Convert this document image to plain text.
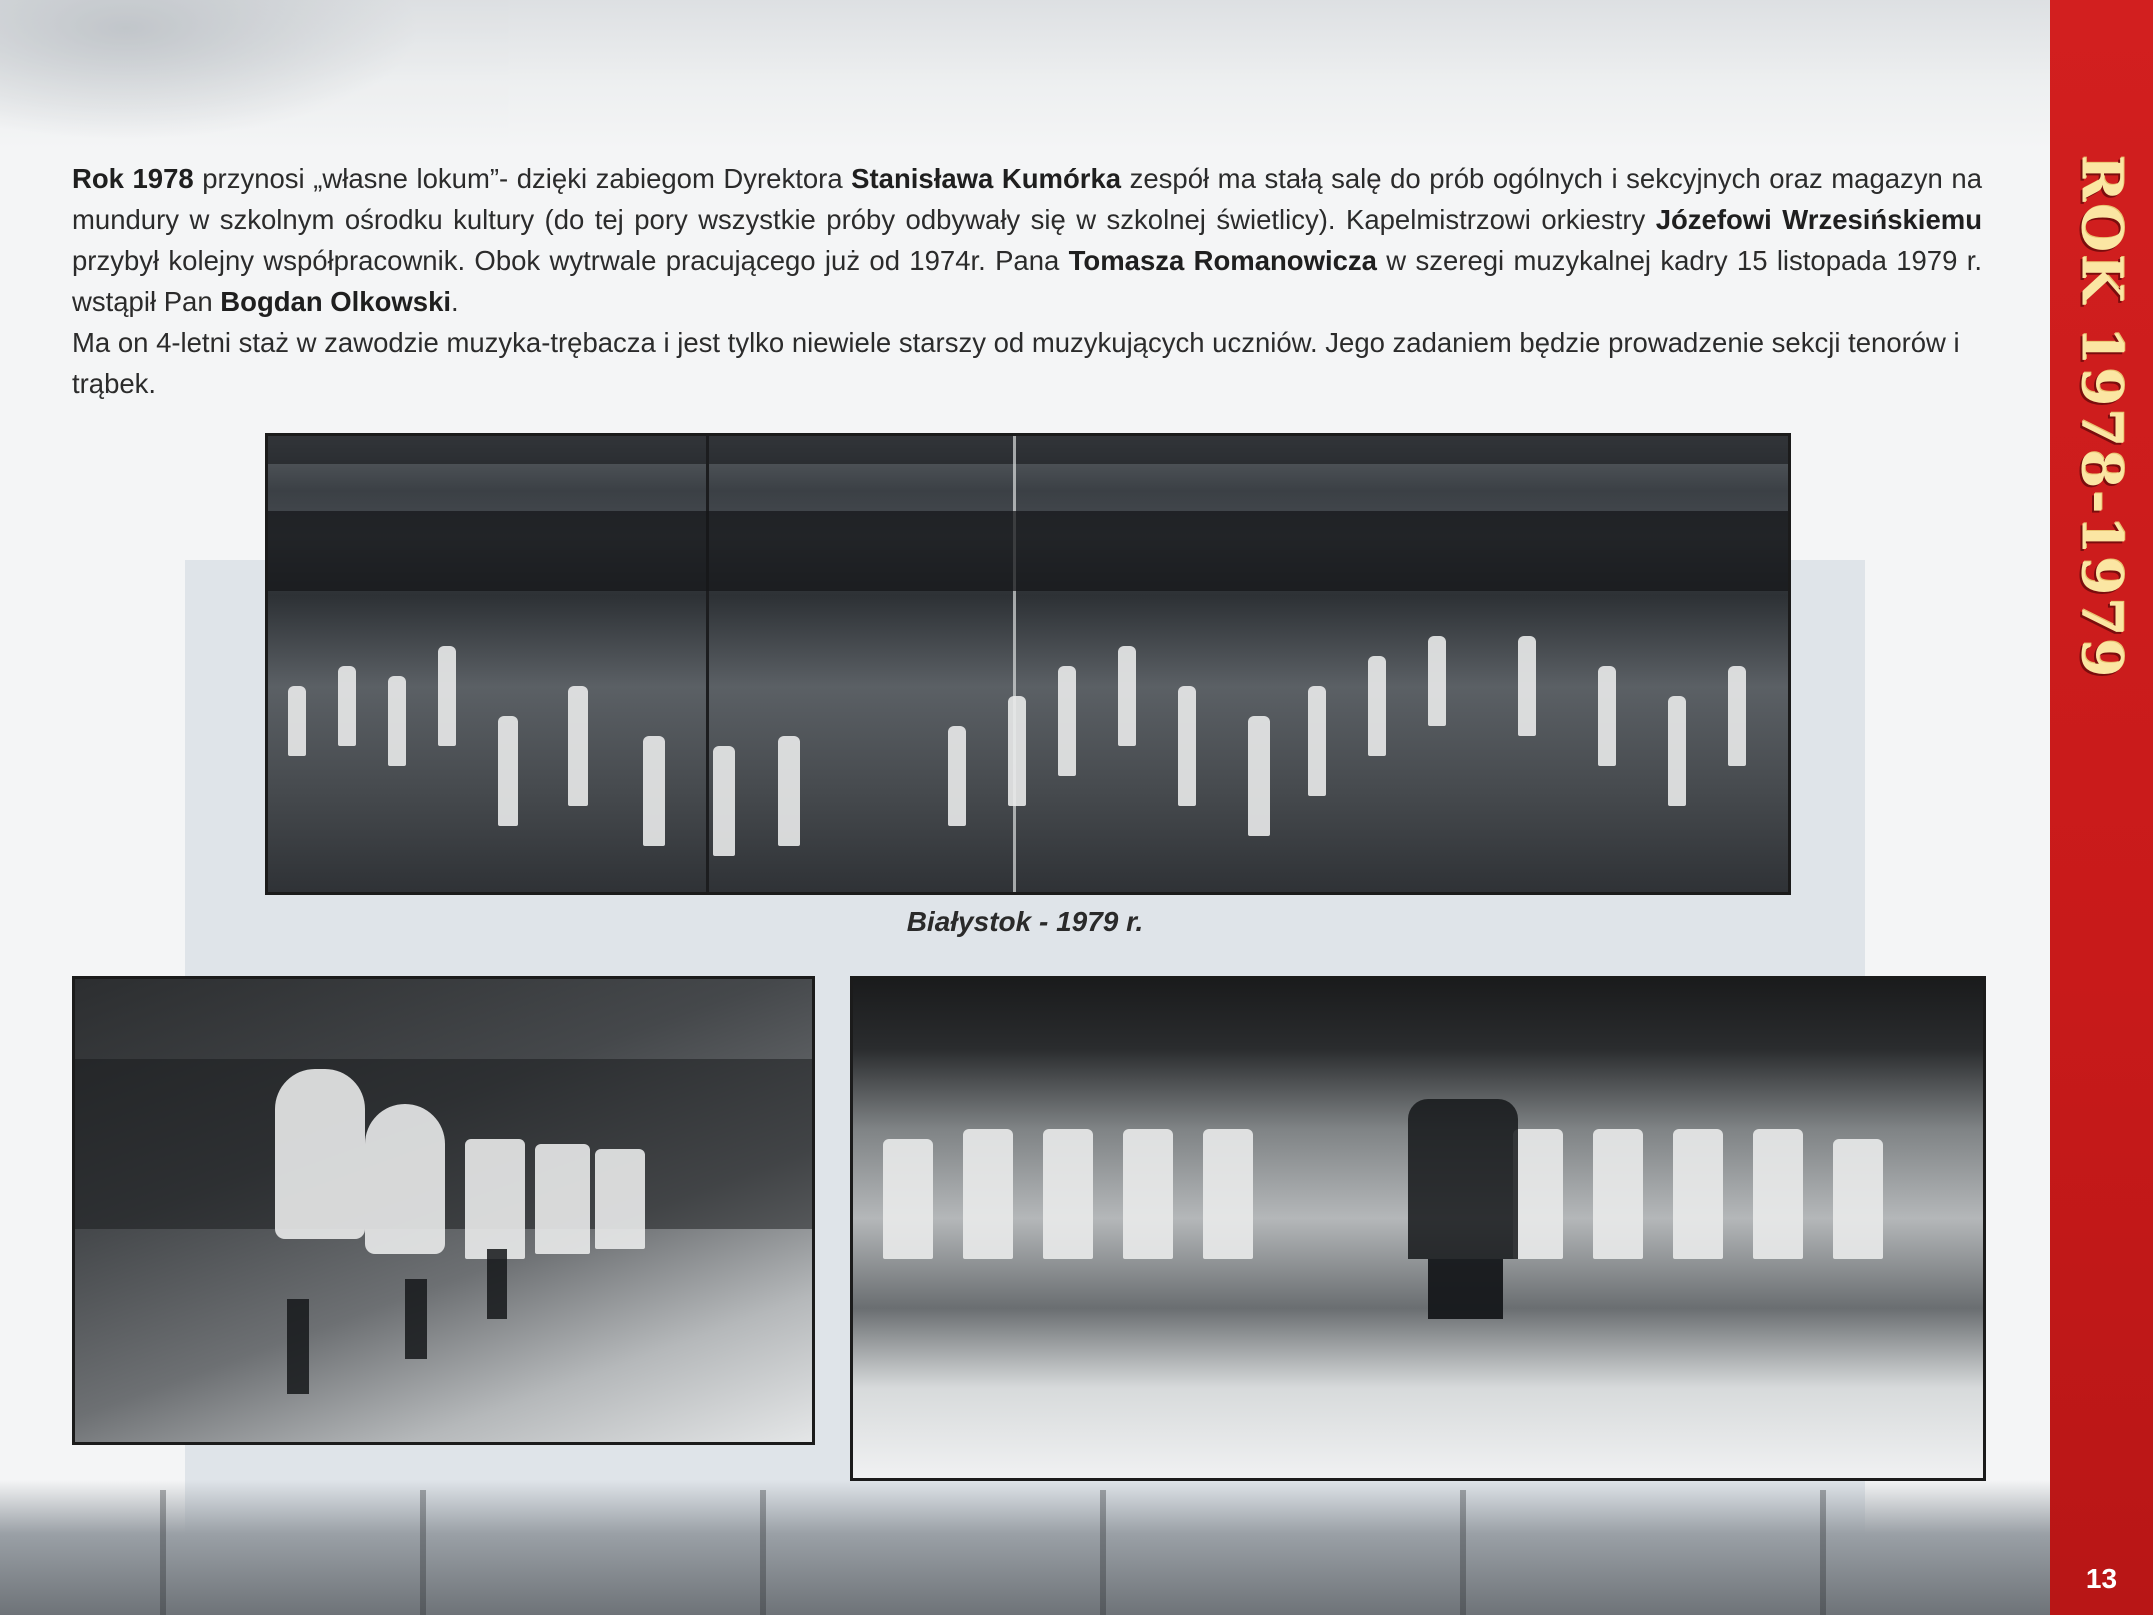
ROK 1978-1979
13

Rok 1978 przynosi „własne lokum”- dzięki zabiegom Dyrektora Stanisława Kumórka zespół ma stałą salę do prób ogólnych i sekcyjnych oraz magazyn na mundury w szkolnym ośrodku kultury (do tej pory wszystkie próby odbywały się w szkolnej świetlicy). Kapelmistrzowi orkiestry Józefowi Wrzesińskiemu przybył kolejny współpracownik. Obok wytrwale pracującego już od 1974r. Pana Tomasza Romanowicza w szeregi muzykalnej kadry 15 listopada 1979 r. wstąpił Pan Bogdan Olkowski.

Ma on 4-letni staż w zawodzie muzyka-trębacza i jest tylko niewiele starszy od muzykujących uczniów. Jego zadaniem będzie prowadzenie sekcji tenorów i trąbek.

Białystok - 1979 r.
